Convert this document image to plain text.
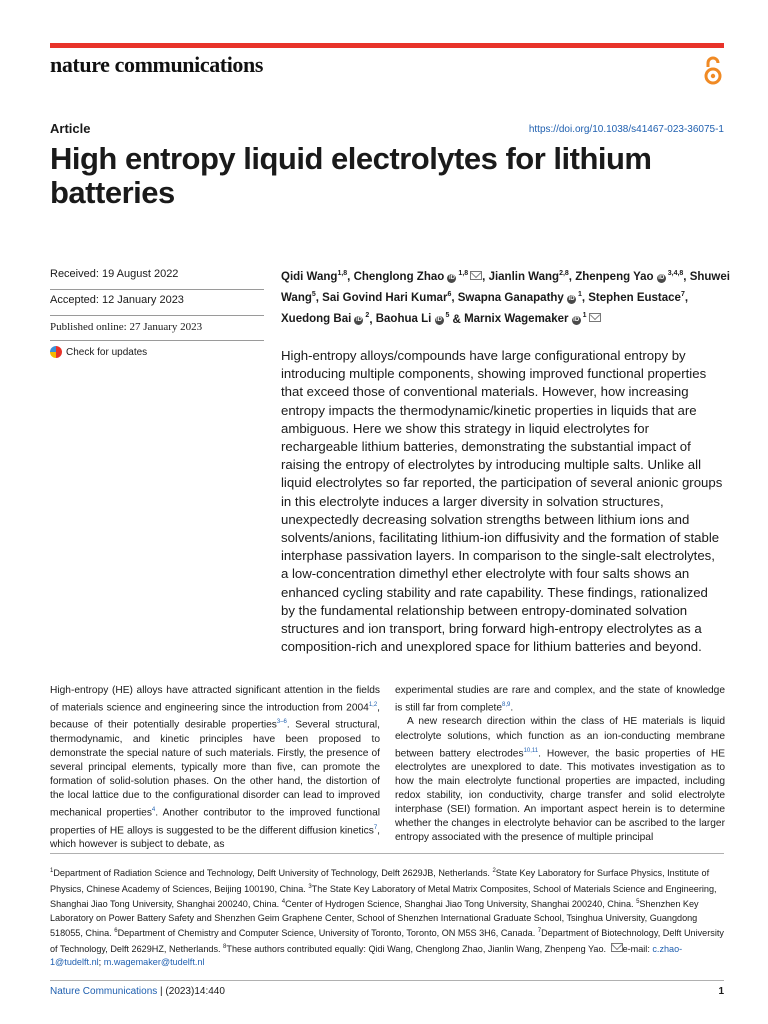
nature communications
Article	https://doi.org/10.1038/s41467-023-36075-1
High entropy liquid electrolytes for lithium batteries
Received: 19 August 2022
Accepted: 12 January 2023
Published online: 27 January 2023
Check for updates
Qidi Wang$^{1,8}$, Chenglong Zhao iD $^{1,8}$ , Jianlin Wang$^{2,8}$, Zhenpeng Yao iD $^{3,4,8}$, Shuwei Wang$^5$, Sai Govind Hari Kumar$^6$, Swapna Ganapathy iD $^1$, Stephen Eustace$^7$, Xuedong Bai iD $^2$, Baohua Li iD $^5$ & Marnix Wagemaker iD $^1$

High-entropy alloys/compounds have large configurational entropy by introducing multiple components, showing improved functional properties that exceed those of conventional materials. However, how increasing entropy impacts the thermodynamic/kinetic properties in liquids that are ambiguous. Here we show this strategy in liquid electrolytes for rechargeable lithium batteries, demonstrating the substantial impact of raising the entropy of electrolytes by introducing multiple salts. Unlike all liquid electrolytes so far reported, the participation of several anionic groups in this electrolyte induces a larger diversity in solvation structures, unexpectedly decreasing solvation strengths between lithium ions and solvents/anions, facilitating lithium-ion diffusivity and the formation of stable interphase passivation layers. In comparison to the single-salt electrolytes, a low-concentration dimethyl ether electrolyte with four salts shows an enhanced cycling stability and rate capability. These findings, rationalized by the fundamental relationship between entropy-dominated solvation structures and ion transport, bring forward high-entropy electrolytes as a composition-rich and unexplored space for lithium batteries and beyond.

High-entropy (HE) alloys have attracted significant attention in the fields of materials science and engineering since the introduction from 2004$^{1,2}$, because of their potentially desirable properties$^{3-6}$. Several structural, thermodynamic, and kinetic principles have been proposed to demonstrate the special nature of such materials. Firstly, the presence of several principal elements, typically more than five, can promote the formation of solid-solution phases. On the other hand, the distortion of the local lattice due to the configurational disorder can lead to improved mechanical properties$^4$. Another contributor to the improved functional properties of HE alloys is suggested to be the different diffusion kinetics$^7$, which however is subject to debate, as

experimental studies are rare and complex, and the state of knowledge is still far from complete$^{8,9}$.

A new research direction within the class of HE materials is liquid electrolyte solutions, which function as an ion-conducting membrane between battery electrodes$^{10,11}$. However, the basic properties of HE electrolytes are unexplored to date. This motivates investigation as to how the main electrolyte functional properties are impacted, including redox stability, ion conductivity, charge transfer and solid electrolyte interphase (SEI) formation. An important aspect herein is to determine whether the changes in electrolyte behavior can be ascribed to the larger entropy associated with the presence of multiple principal

$^1$Department of Radiation Science and Technology, Delft University of Technology, Delft 2629JB, Netherlands. $^2$State Key Laboratory for Surface Physics, Institute of Physics, Chinese Academy of Sciences, Beijing 100190, China. $^3$The State Key Laboratory of Metal Matrix Composites, School of Materials Science and Engineering, Shanghai Jiao Tong University, Shanghai 200240, China. $^4$Center of Hydrogen Science, Shanghai Jiao Tong University, Shanghai 200240, China. $^5$Shenzhen Key Laboratory on Power Battery Safety and Shenzhen Geim Graphene Center, School of Shenzhen International Graduate School, Tsinghua University, Guangdong 518055, China. $^6$Department of Chemistry and Computer Science, University of Toronto, Toronto, ON M5S 3H6, Canada. $^7$Department of Biotechnology, Delft University of Technology, Delft 2629HZ, Netherlands. $^8$These authors contributed equally: Qidi Wang, Chenglong Zhao, Jianlin Wang, Zhenpeng Yao. e-mail: c.zhao-1@tudelft.nl; m.wagemaker@tudelft.nl

Nature Communications | (2023)14:440	1
